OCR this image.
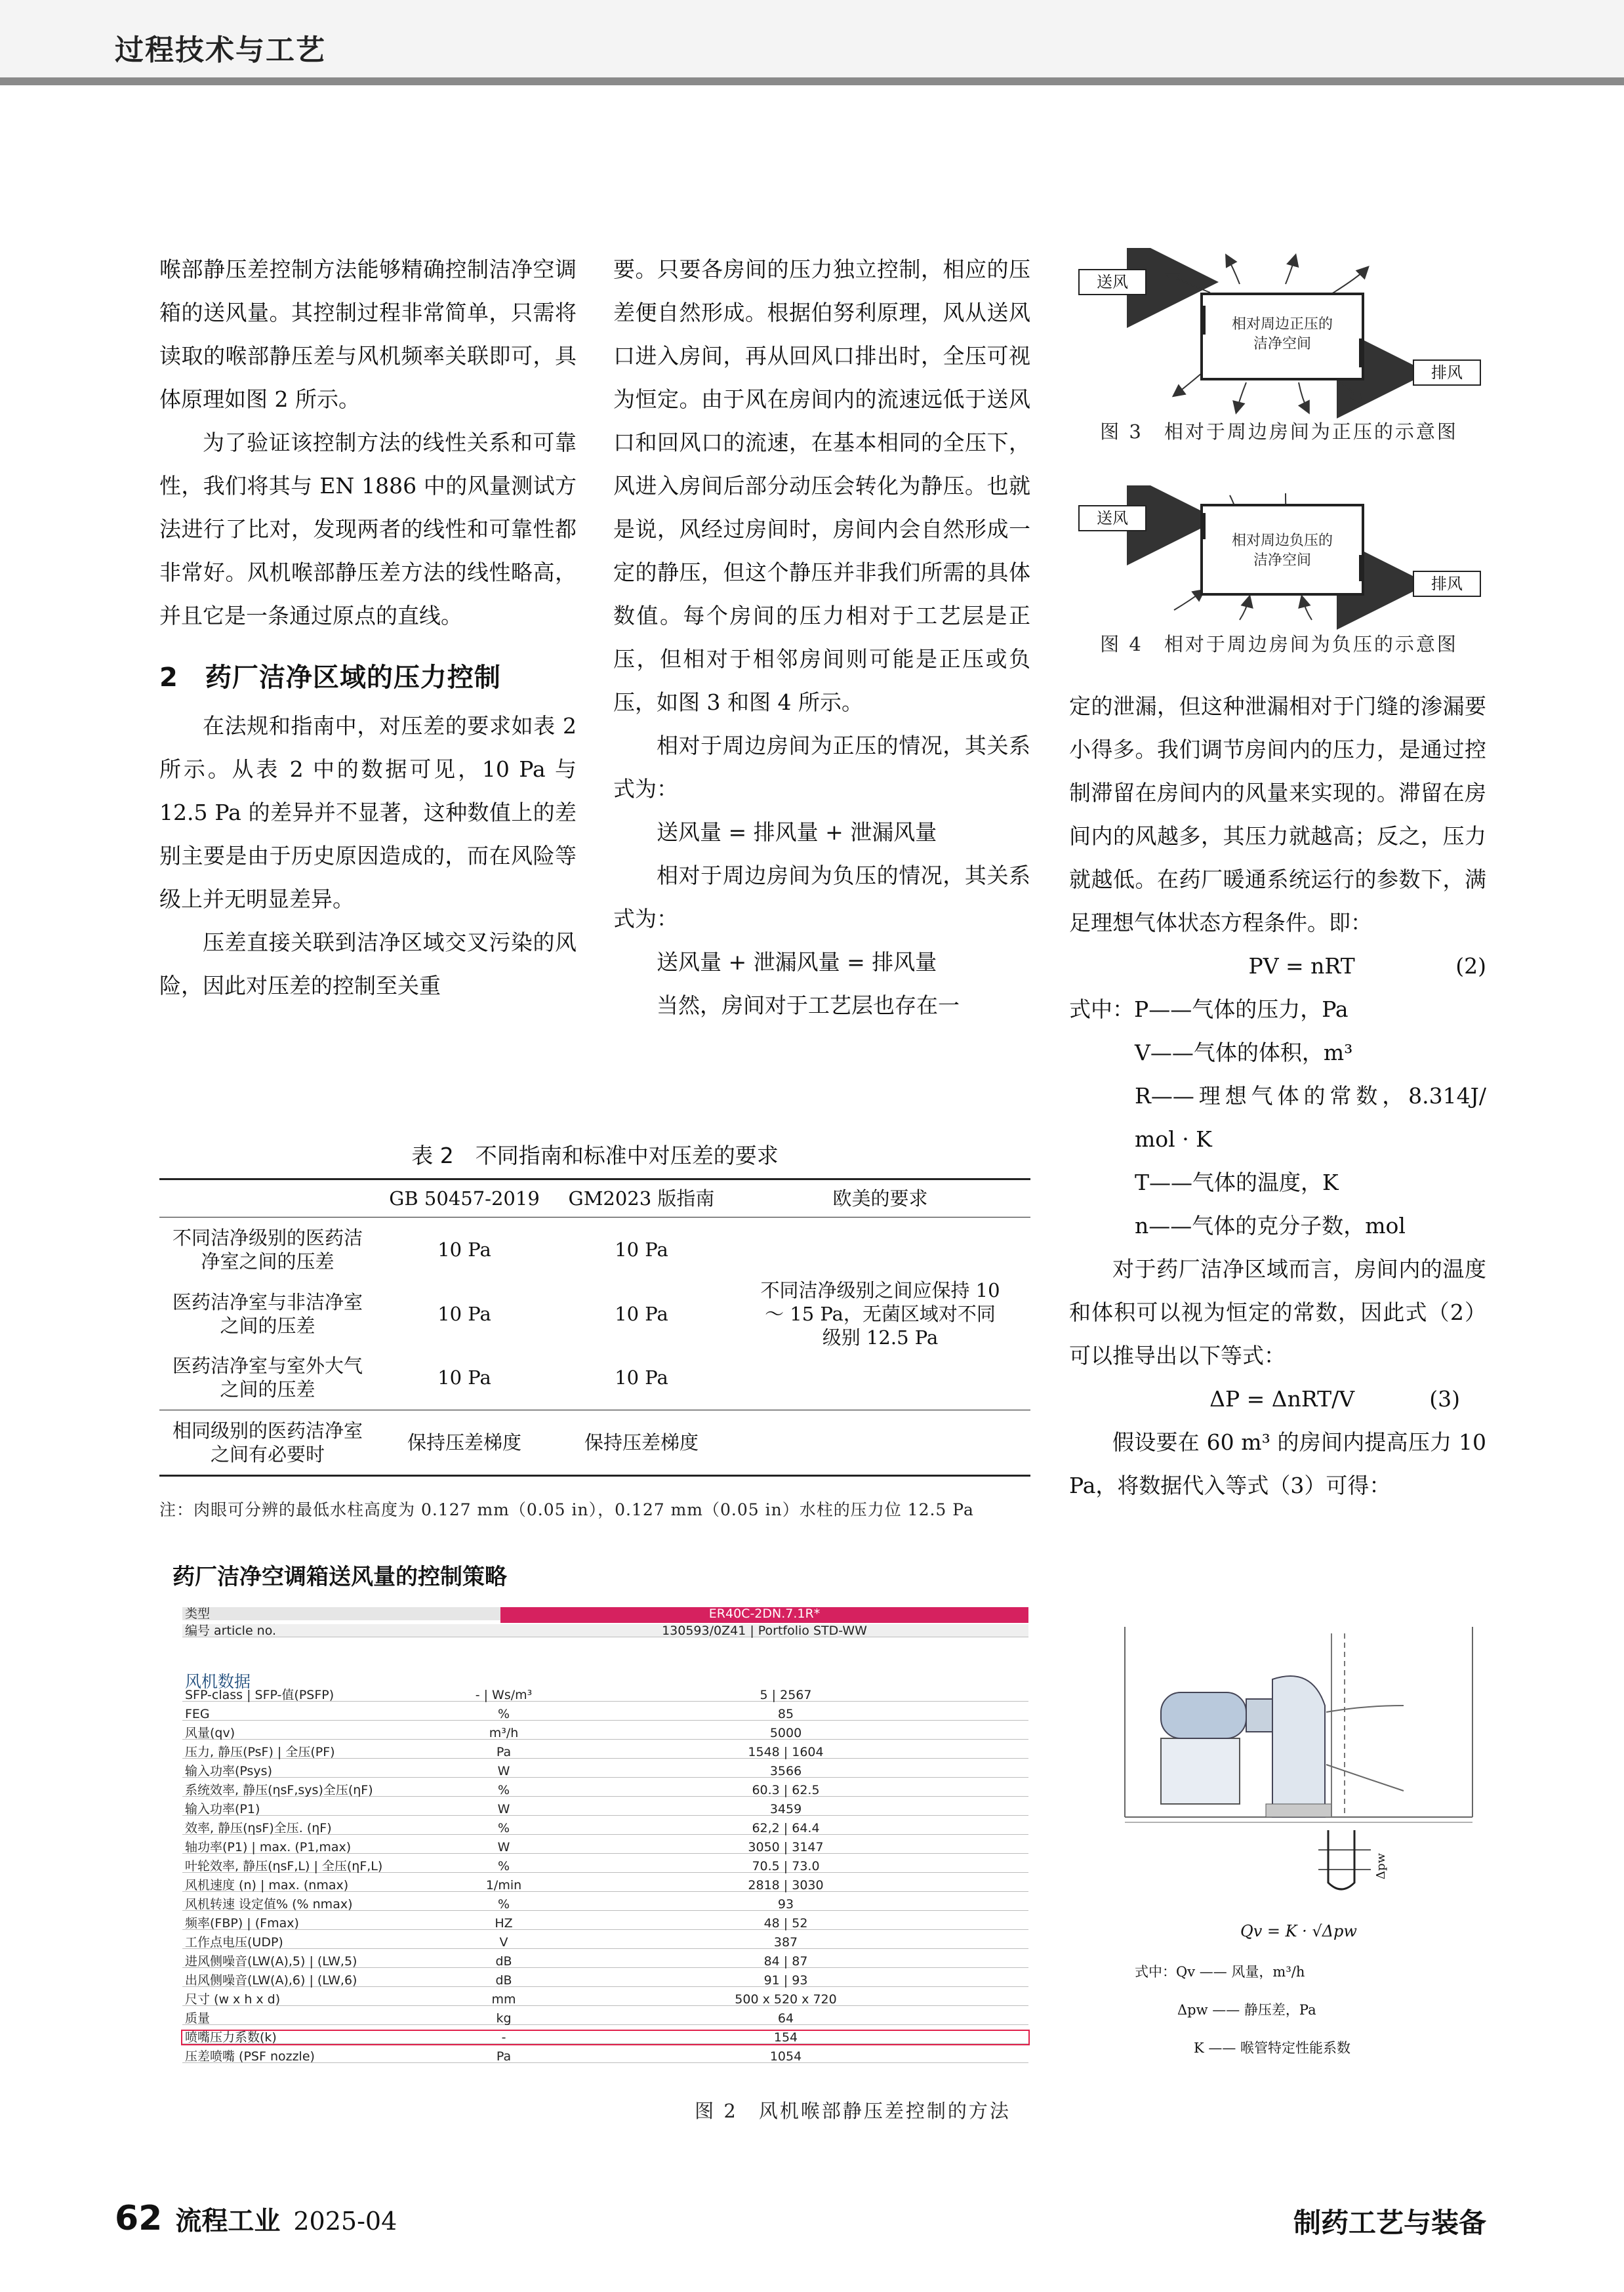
过程技术与工艺

喉部静压差控制方法能够精确控制洁净空调箱的送风量。其控制过程非常简单，只需将读取的喉部静压差与风机频率关联即可，具体原理如图 2 所示。

为了验证该控制方法的线性关系和可靠性，我们将其与 EN 1886 中的风量测试方法进行了比对，发现两者的线性和可靠性都非常好。风机喉部静压差方法的线性略高，并且它是一条通过原点的直线。

2　药厂洁净区域的压力控制

在法规和指南中，对压差的要求如表 2 所示。从表 2 中的数据可见，10 Pa 与 12.5 Pa 的差异并不显著，这种数值上的差别主要是由于历史原因造成的，而在风险等级上并无明显差异。

压差直接关联到洁净区域交叉污染的风险，因此对压差的控制至关重

要。只要各房间的压力独立控制，相应的压差便自然形成。根据伯努利原理，风从送风口进入房间，再从回风口排出时，全压可视为恒定。由于风在房间内的流速远低于送风口和回风口的流速，在基本相同的全压下，风进入房间后部分动压会转化为静压。也就是说，风经过房间时，房间内会自然形成一定的静压，但这个静压并非我们所需的具体数值。每个房间的压力相对于工艺层是正压，但相对于相邻房间则可能是正压或负压，如图 3 和图 4 所示。

相对于周边房间为正压的情况，其关系式为：

送风量 = 排风量 + 泄漏风量

相对于周边房间为负压的情况，其关系式为：

送风量 + 泄漏风量 = 排风量

当然，房间对于工艺层也存在一

相对周边正压的洁净空间
送风
排风
图 3　相对于周边房间为正压的示意图
相对周边负压的洁净空间
送风
排风
图 4　相对于周边房间为负压的示意图

定的泄漏，但这种泄漏相对于门缝的渗漏要小得多。我们调节房间内的压力，是通过控制滞留在房间内的风量来实现的。滞留在房间内的风越多，其压力就越高；反之，压力就越低。在药厂暖通系统运行的参数下，满足理想气体状态方程条件。即：

PV = nRT	(2)

式中：P——气体的压力，Pa

V——气体的体积，m³

R——理想气体的常数，8.314J/ mol · K

T——气体的温度，K

n——气体的克分子数，mol

对于药厂洁净区域而言，房间内的温度和体积可以视为恒定的常数，因此式（2）可以推导出以下等式：

ΔP = ΔnRT/V	(3)

假设要在 60 m³ 的房间内提高压力 10 Pa，将数据代入等式（3）可得：

表 2　不同指南和标准中对压差的要求
	GB 50457-2019	GM2023 版指南	欧美的要求
不同洁净级别的医药洁净室之间的压差	10 Pa	10 Pa	不同洁净级别之间应保持 10 ～ 15 Pa，无菌区域对不同级别 12.5 Pa
医药洁净室与非洁净室之间的压差	10 Pa	10 Pa	
医药洁净室与室外大气之间的压差	10 Pa	10 Pa	
相同级别的医药洁净室之间有必要时	保持压差梯度	保持压差梯度	
注：肉眼可分辨的最低水柱高度为 0.127 mm（0.05 in），0.127 mm（0.05 in）水柱的压力位 12.5 Pa
药厂洁净空调箱送风量的控制策略
类型	ER40C-2DN.7.1R*
编号 article no.	130593/0Z41 | Portfolio STD-WW
风机数据
SFP-class | SFP-值(PSFP)	- | Ws/m³	5 | 2567
FEG	%	85
风量(qv)	m³/h	5000
压力, 静压(PsF) | 全压(PF)	Pa	1548 | 1604
输入功率(Psys)	W	3566
系统效率, 静压(ηsF,sys)全压(ηF)	%	60.3 | 62.5
输入功率(P1)	W	3459
效率, 静压(ηsF)全压. (ηF)	%	62,2 | 64.4
轴功率(P1) | max. (P1,max)	W	3050 | 3147
叶轮效率, 静压(ηsF,L) | 全压(ηF,L)	%	70.5 | 73.0
风机速度 (n) | max. (nmax)	1/min	2818 | 3030
风机转速 设定值% (% nmax)	%	93
频率(FBP) | (Fmax)	HZ	48 | 52
工作点电压(UDP)	V	387
进风侧噪音(LW(A),5) | (LW,5)	dB	84 | 87
出风侧噪音(LW(A),6) | (LW,6)	dB	91 | 93
尺寸 (w x h x d)	mm	500 x 520 x 720
质量	kg	64
喷嘴压力系数(k)	-	154
压差喷嘴 (PSF nozzle)	Pa	1054
Δpw
Qv = K · √Δpw
式中：Qv —— 风量，m³/h
Δpw —— 静压差，Pa
K —— 喉管特定性能系数
图 2　风机喉部静压差控制的方法
62 流程工业 2025-04	制药工艺与装备
